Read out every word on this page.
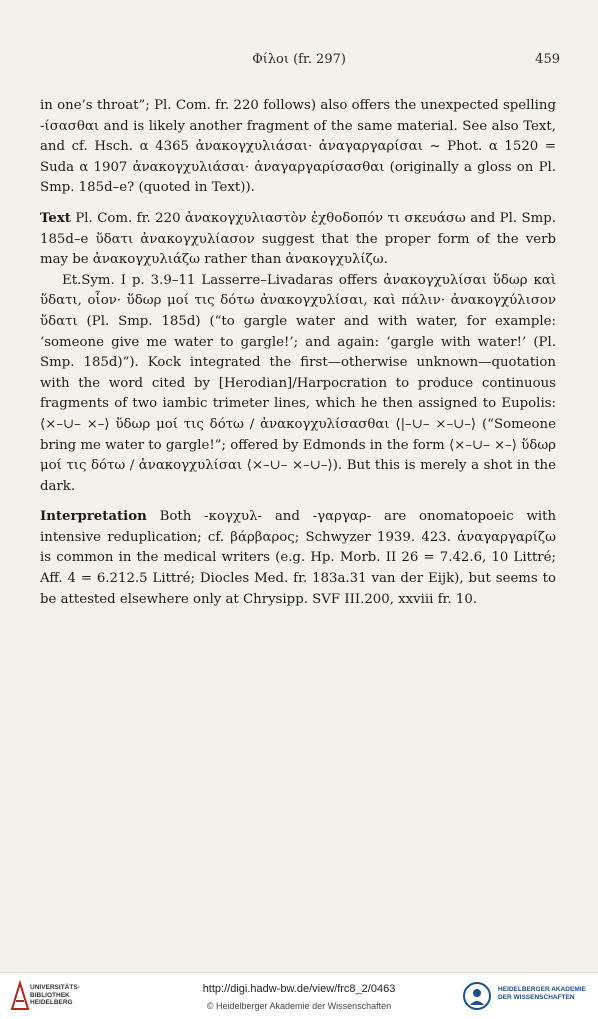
Φίλοι (fr. 297)	459

in one’s throat”; Pl. Com. fr. 220 follows) also offers the unexpected spelling -ίσασθαι and is likely another fragment of the same material. See also Text, and cf. Hsch. α 4365 ἀνακογχυλιάσαι· ἀναγαργαρίσαι ~ Phot. α 1520 = Suda α 1907 ἀνακογχυλιάσαι· ἀναγαργαρίσασθαι (originally a gloss on Pl. Smp. 185d–e? (quoted in Text)).

Text Pl. Com. fr. 220 ἀνακογχυλιαστὸν ἐχθοδοπόν τι σκευάσω and Pl. Smp. 185d–e ὕδατι ἀνακογχυλίασον suggest that the proper form of the verb may be ἀνακογχυλιάζω rather than ἀνακογχυλίζω.

Et.Sym. I p. 3.9–11 Lasserre–Livadaras offers ἀνακογχυλίσαι ὕδωρ καὶ ὕδατι, οἷον· ὕδωρ μοί τις δότω ἀνακογχυλίσαι, καὶ πάλιν· ἀνακογχύλισον ὕδατι (Pl. Smp. 185d) (“to gargle water and with water, for example: ‘someone give me water to gargle!’; and again: ‘gargle with water!’ (Pl. Smp. 185d)”). Kock integrated the first—otherwise unknown—quotation with the word cited by [Herodian]/Harpocration to produce continuous fragments of two iambic trimeter lines, which he then assigned to Eupolis: ⟨×–∪– ×–⟩ ὕδωρ μοί τις δότω / ἀνακογχυλίσασθαι ⟨|–∪– ×–∪–⟩ (“Someone bring me water to gargle!”; offered by Edmonds in the form ⟨×–∪– ×–⟩ ὕδωρ μοί τις δότω / ἀνακογχυλίσαι ⟨×–∪– ×–∪–⟩). But this is merely a shot in the dark.

Interpretation Both -κογχυλ- and -γαργαρ- are onomatopoeic with intensive reduplication; cf. βάρβαρος; Schwyzer 1939. 423. ἀναγαργαρίζω is common in the medical writers (e.g. Hp. Morb. II 26 = 7.42.6, 10 Littré; Aff. 4 = 6.212.5 Littré; Diocles Med. fr. 183a.31 van der Eijk), but seems to be attested elsewhere only at Chrysipp. SVF III.200, xxviii fr. 10.

UNIVERSITÄTS-
BIBLIOTHEK
HEIDELBERG
http://digi.hadw-bw.de/view/frc8_2/0463
© Heidelberger Akademie der Wissenschaften
HEIDELBERGER AKADEMIE
DER WISSENSCHAFTEN
